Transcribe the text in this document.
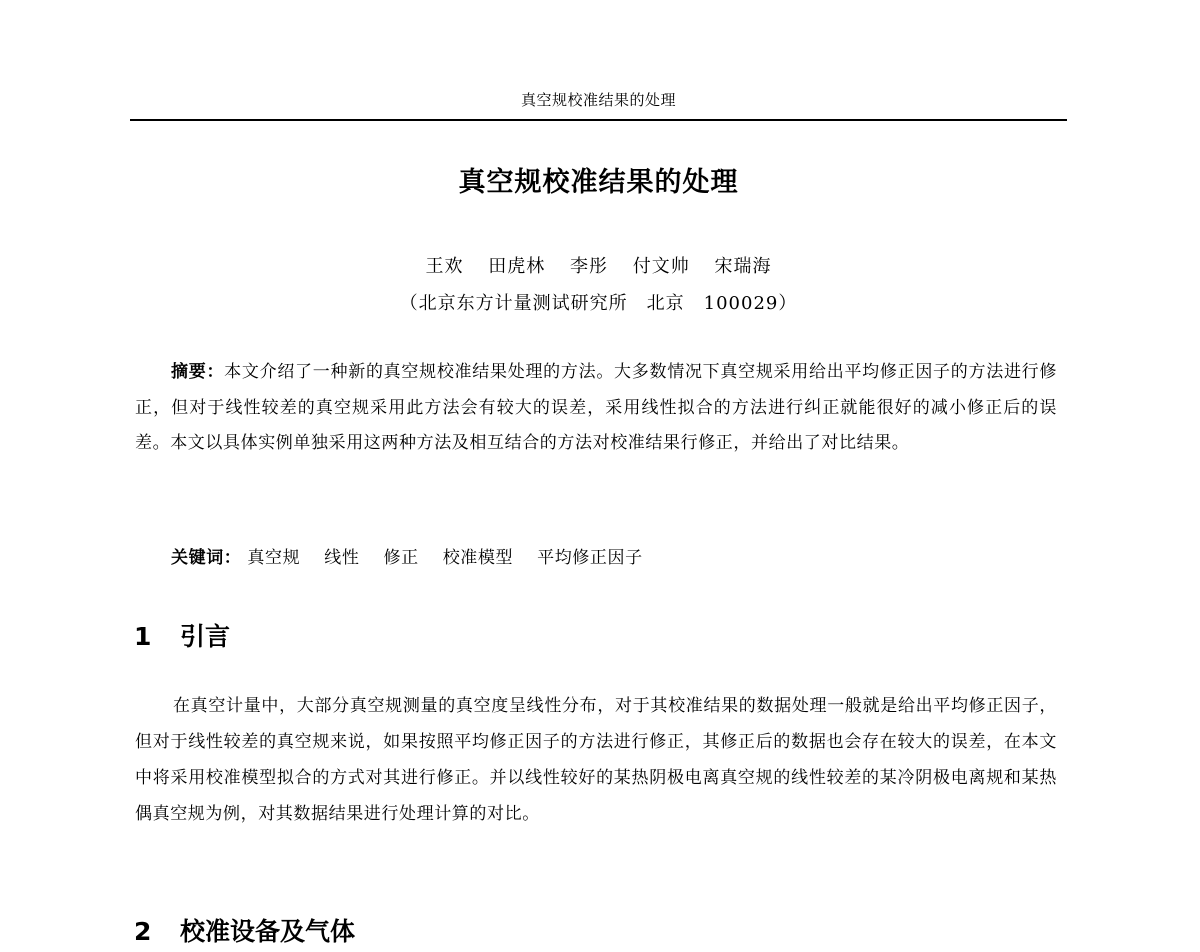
真空规校准结果的处理
真空规校准结果的处理
王欢 田虎林 李彤 付文帅 宋瑞海
（北京东方计量测试研究所　北京　100029）
摘要：本文介绍了一种新的真空规校准结果处理的方法。大多数情况下真空规采用给出平均修正因子的方法进行修正，但对于线性较差的真空规采用此方法会有较大的误差，采用线性拟合的方法进行纠正就能很好的减小修正后的误差。本文以具体实例单独采用这两种方法及相互结合的方法对校准结果行修正，并给出了对比结果。
关键词： 真空规 线性 修正 校准模型 平均修正因子
1 引言
在真空计量中，大部分真空规测量的真空度呈线性分布，对于其校准结果的数据处理一般就是给出平均修正因子，但对于线性较差的真空规来说，如果按照平均修正因子的方法进行修正，其修正后的数据也会存在较大的误差，在本文中将采用校准模型拟合的方式对其进行修正。并以线性较好的某热阴极电离真空规的线性较差的某冷阴极电离规和某热偶真空规为例，对其数据结果进行处理计算的对比。
2 校准设备及气体
